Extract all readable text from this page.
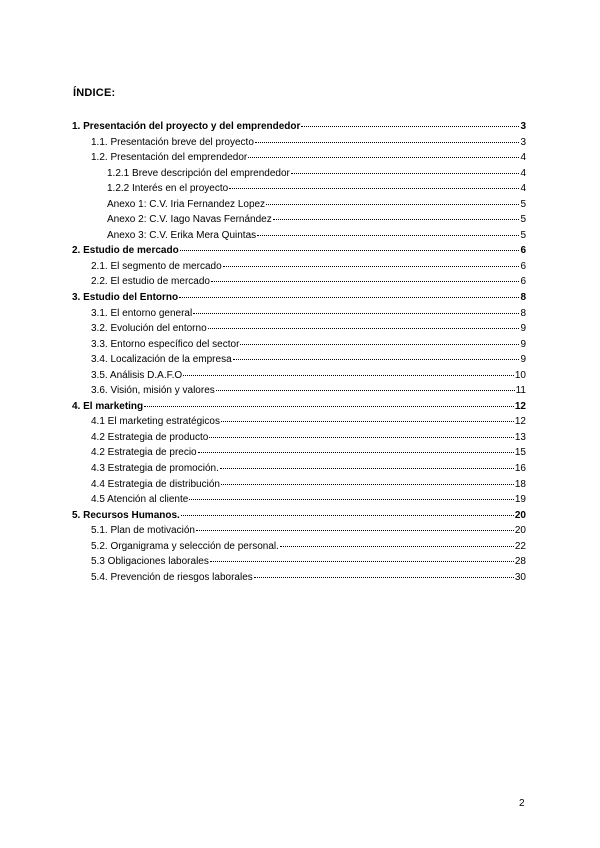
ÍNDICE:
1. Presentación del proyecto y del emprendedor	3
1.1. Presentación breve del proyecto	3
1.2. Presentación del emprendedor	4
1.2.1 Breve descripción del emprendedor	4
1.2.2 Interés en el proyecto	4
Anexo 1: C.V. Iria Fernandez Lopez	5
Anexo 2: C.V. Iago Navas Fernández	5
Anexo 3: C.V. Erika Mera Quintas	5
2. Estudio de mercado	6
2.1. El segmento de mercado	6
2.2. El estudio de mercado	6
3. Estudio del Entorno	8
3.1. El entorno general	8
3.2. Evolución del entorno	9
3.3. Entorno específico del sector	9
3.4. Localización de la empresa	9
3.5. Análisis D.A.F.O	10
3.6. Visión, misión y valores	11
4. El marketing	12
4.1 El marketing estratégicos	12
4.2 Estrategia de producto	13
4.2 Estrategia de precio	15
4.3 Estrategia de promoción.	16
4.4 Estrategia de distribución	18
4.5 Atención al cliente	19
5. Recursos Humanos.	20
5.1. Plan de motivación	20
5.2. Organigrama y selección de personal.	22
5.3 Obligaciones laborales	28
5.4. Prevención de riesgos laborales	30
2
